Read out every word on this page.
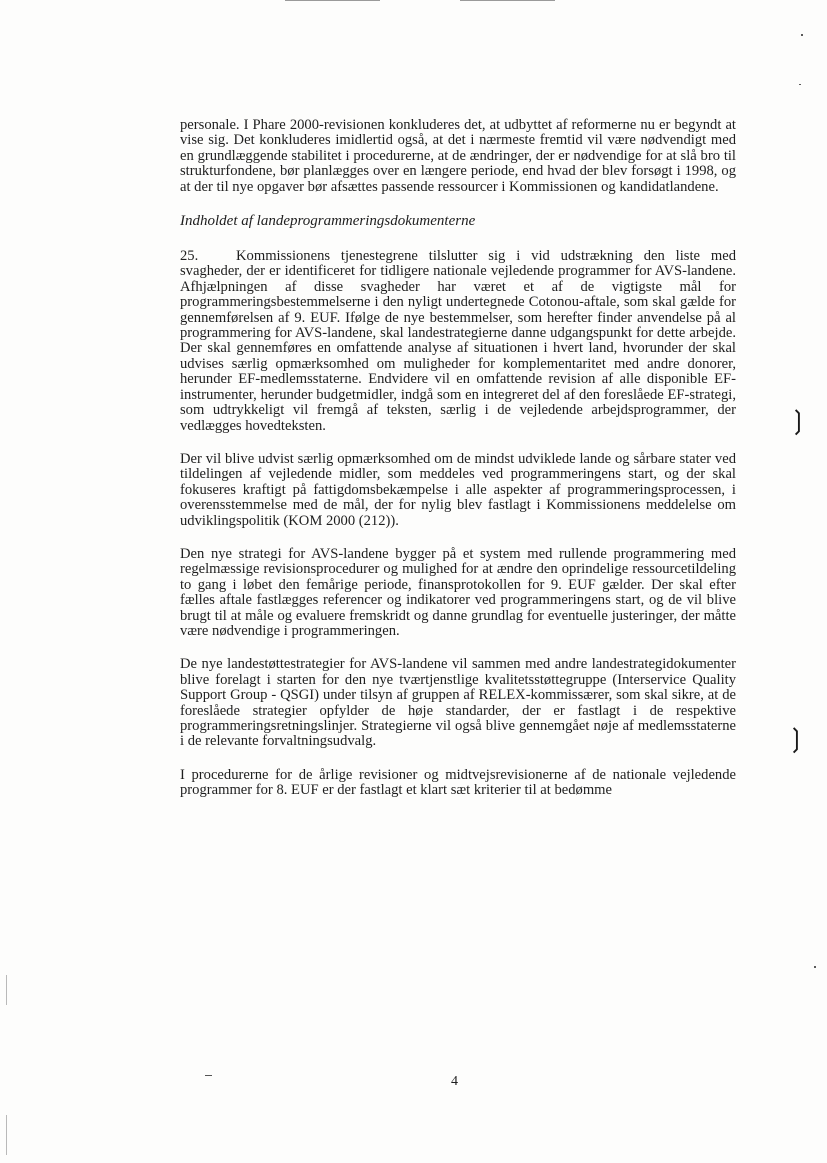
❳
❳

personale. I Phare 2000-revisionen konkluderes det, at udbyttet af reformerne nu er begyndt at vise sig. Det konkluderes imidlertid også, at det i nærmeste fremtid vil være nødvendigt med en grundlæggende stabilitet i procedurerne, at de ændringer, der er nødvendige for at slå bro til strukturfondene, bør planlægges over en længere periode, end hvad der blev forsøgt i 1998, og at der til nye opgaver bør afsættes passende ressourcer i Kommissionen og kandidatlandene.

Indholdet af landeprogrammeringsdokumenterne

25.	Kommissionens tjenestegrene tilslutter sig i vid udstrækning den liste med svagheder, der er identificeret for tidligere nationale vejledende programmer for AVS-landene. Afhjælpningen af disse svagheder har været et af de vigtigste mål for programmeringsbestemmelserne i den nyligt undertegnede Cotonou-aftale, som skal gælde for gennemførelsen af 9. EUF. Ifølge de nye bestemmelser, som herefter finder anvendelse på al programmering for AVS-landene, skal landestrategierne danne udgangspunkt for dette arbejde. Der skal gennemføres en omfattende analyse af situationen i hvert land, hvorunder der skal udvises særlig opmærksomhed om muligheder for komplementaritet med andre donorer, herunder EF-medlemsstaterne. Endvidere vil en omfattende revision af alle disponible EF-instrumenter, herunder budgetmidler, indgå som en integreret del af den foreslåede EF-strategi, som udtrykkeligt vil fremgå af teksten, særlig i de vejledende arbejdsprogrammer, der vedlægges hovedteksten.

Der vil blive udvist særlig opmærksomhed om de mindst udviklede lande og sårbare stater ved tildelingen af vejledende midler, som meddeles ved programmeringens start, og der skal fokuseres kraftigt på fattigdomsbekæmpelse i alle aspekter af programmeringsprocessen, i overensstemmelse med de mål, der for nylig blev fastlagt i Kommissionens meddelelse om udviklingspolitik (KOM 2000 (212)).

Den nye strategi for AVS-landene bygger på et system med rullende programmering med regelmæssige revisionsprocedurer og mulighed for at ændre den oprindelige ressourcetildeling to gang i løbet den femårige periode, finansprotokollen for 9. EUF gælder. Der skal efter fælles aftale fastlægges referencer og indikatorer ved programmeringens start, og de vil blive brugt til at måle og evaluere fremskridt og danne grundlag for eventuelle justeringer, der måtte være nødvendige i programmeringen.

De nye landestøttestrategier for AVS-landene vil sammen med andre landestrategidokumenter blive forelagt i starten for den nye tværtjenstlige kvalitetsstøttegruppe (Interservice Quality Support Group - QSGI) under tilsyn af gruppen af RELEX-kommissærer, som skal sikre, at de foreslåede strategier opfylder de høje standarder, der er fastlagt i de respektive programmeringsretningslinjer. Strategierne vil også blive gennemgået nøje af medlemsstaterne i de relevante forvaltningsudvalg.

I procedurerne for de årlige revisioner og midtvejsrevisionerne af de nationale vejledende programmer for 8. EUF er der fastlagt et klart sæt kriterier til at bedømme

4
